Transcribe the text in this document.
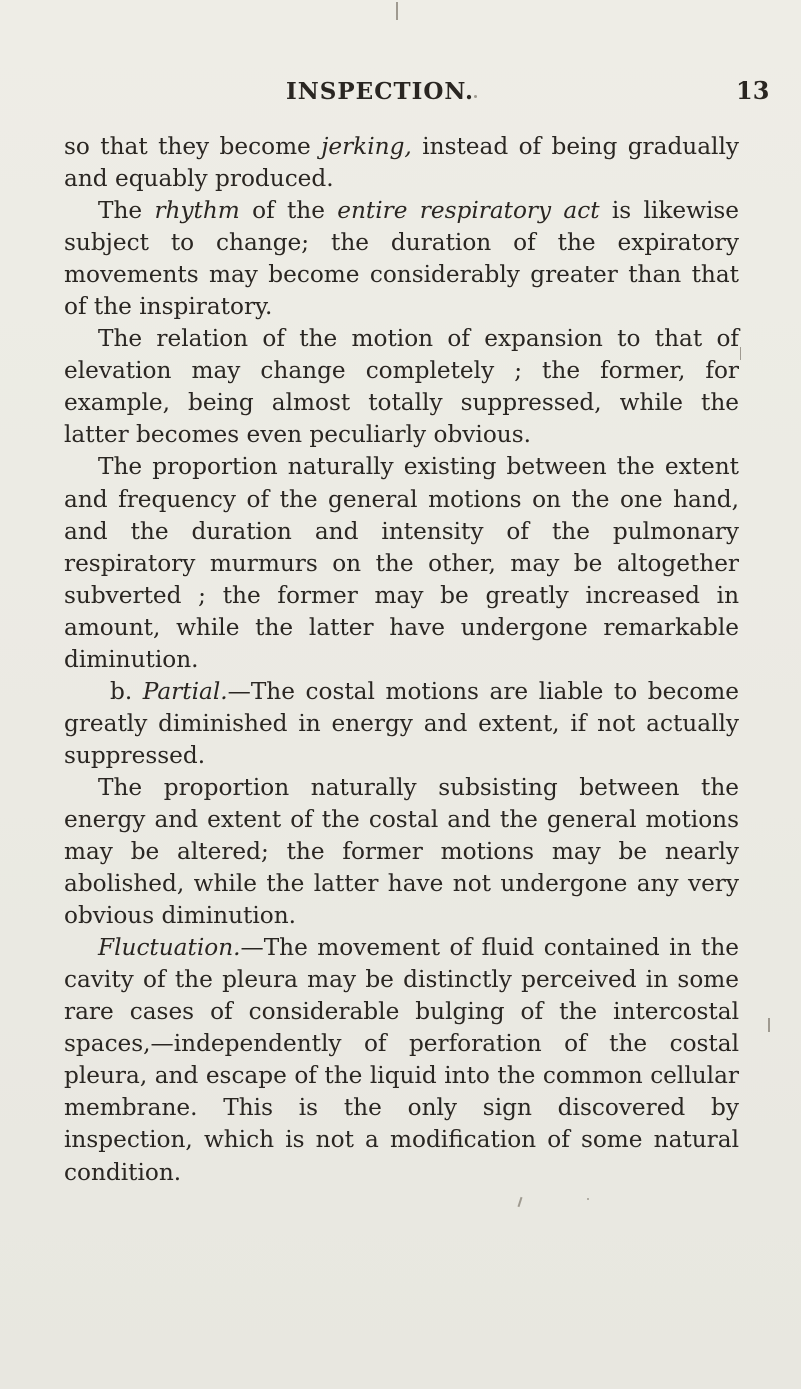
INSPECTION.	13

so that they become jerking, instead of being gradually and equably produced.

The rhythm of the entire respiratory act is likewise subject to change; the duration of the expiratory movements may become considerably greater than that of the inspiratory.

The relation of the motion of expansion to that of elevation may change completely ; the former, for example, being almost totally suppressed, while the latter becomes even peculiarly obvious.

The proportion naturally existing between the extent and frequency of the general motions on the one hand, and the duration and intensity of the pulmonary respiratory murmurs on the other, may be altogether subverted ; the former may be greatly increased in amount, while the latter have undergone remarkable diminution.

b. Partial.—The costal motions are liable to become greatly diminished in energy and extent, if not actually suppressed.

The proportion naturally subsisting between the energy and extent of the costal and the general motions may be altered; the former motions may be nearly abolished, while the latter have not undergone any very obvious diminution.

Fluctuation.—The movement of fluid contained in the cavity of the pleura may be distinctly perceived in some rare cases of considerable bulging of the intercostal spaces,—independently of perforation of the costal pleura, and escape of the liquid into the common cellular membrane. This is the only sign discovered by inspection, which is not a modification of some natural condition.
